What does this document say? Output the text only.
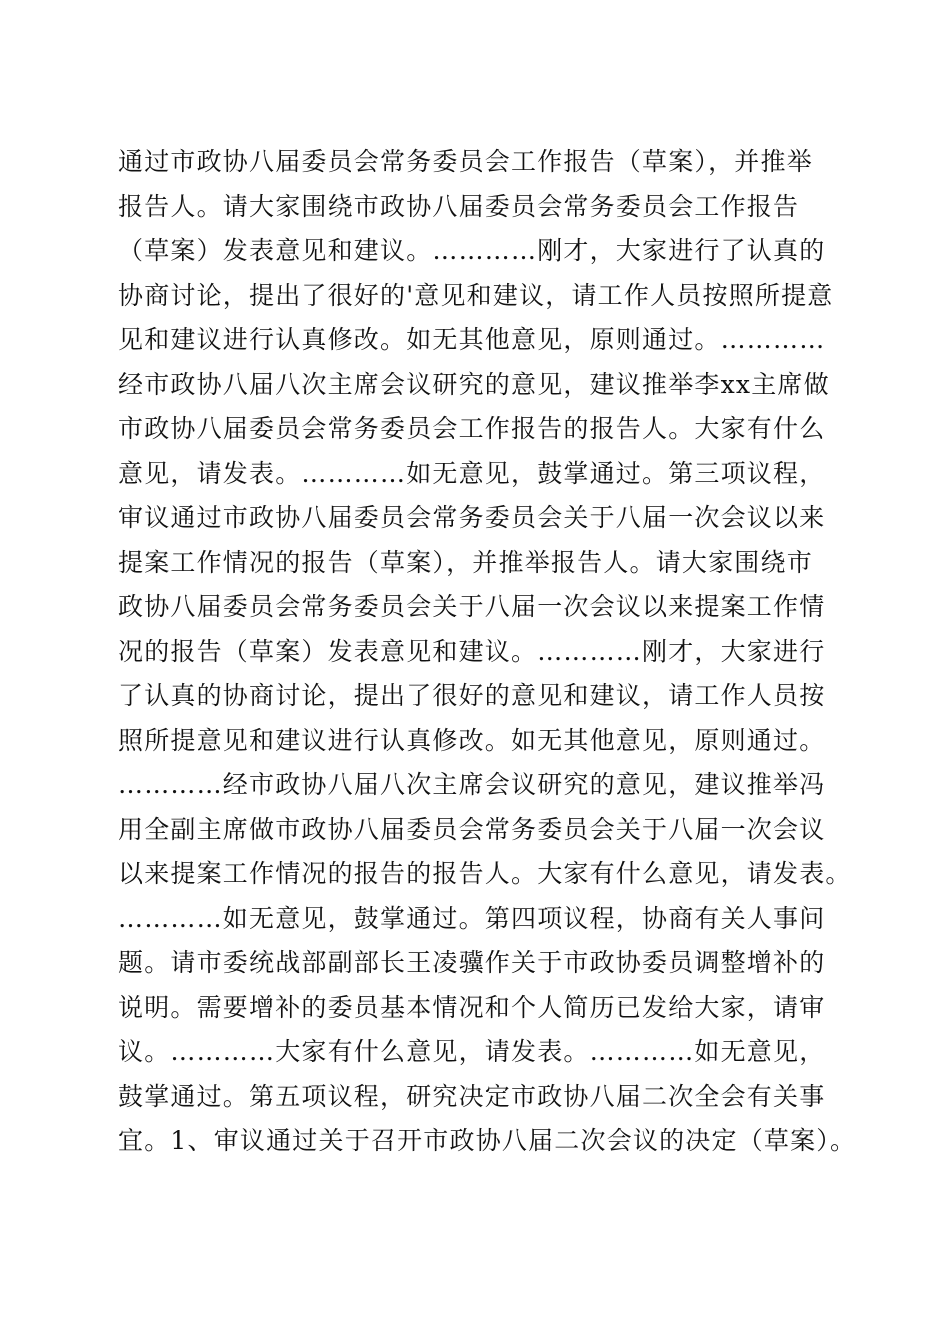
通过市政协八届委员会常务委员会工作报告（草案），并推举
报告人。请大家围绕市政协八届委员会常务委员会工作报告
（草案）发表意见和建议。…………刚才，大家进行了认真的
协商讨论，提出了很好的'意见和建议，请工作人员按照所提意
见和建议进行认真修改。如无其他意见，原则通过。…………
经市政协八届八次主席会议研究的意见，建议推举李xx主席做
市政协八届委员会常务委员会工作报告的报告人。大家有什么
意见，请发表。…………如无意见，鼓掌通过。第三项议程，
审议通过市政协八届委员会常务委员会关于八届一次会议以来
提案工作情况的报告（草案），并推举报告人。请大家围绕市
政协八届委员会常务委员会关于八届一次会议以来提案工作情
况的报告（草案）发表意见和建议。…………刚才，大家进行
了认真的协商讨论，提出了很好的意见和建议，请工作人员按
照所提意见和建议进行认真修改。如无其他意见，原则通过。
…………经市政协八届八次主席会议研究的意见，建议推举冯
用全副主席做市政协八届委员会常务委员会关于八届一次会议
以来提案工作情况的报告的报告人。大家有什么意见，请发表。
…………如无意见，鼓掌通过。第四项议程，协商有关人事问
题。请市委统战部副部长王凌骥作关于市政协委员调整增补的
说明。需要增补的委员基本情况和个人简历已发给大家，请审
议。…………大家有什么意见，请发表。…………如无意见，
鼓掌通过。第五项议程，研究决定市政协八届二次全会有关事
宜。1、审议通过关于召开市政协八届二次会议的决定（草案）。
